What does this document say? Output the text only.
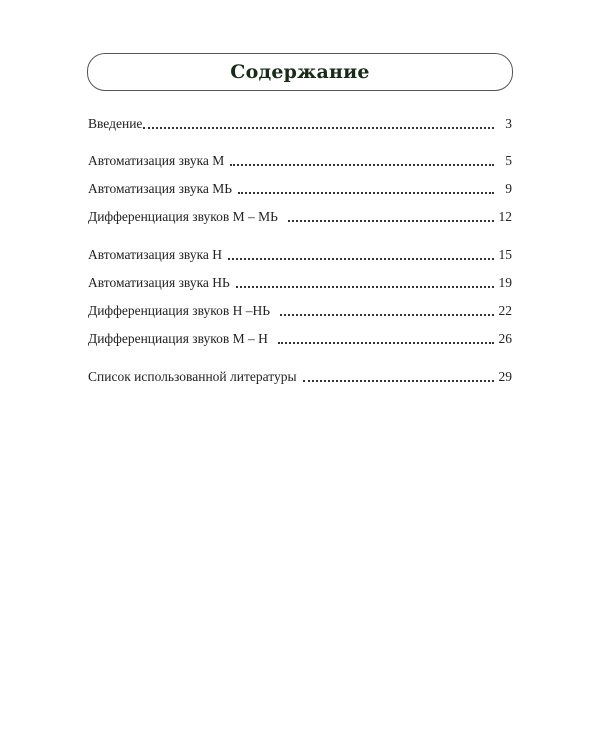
Содержание
Введение	3
Автоматизация звука М	5
Автоматизация звука МЬ	9
Дифференциация звуков М – МЬ	12
Автоматизация звука Н	15
Автоматизация звука НЬ	19
Дифференциация звуков Н –НЬ	22
Дифференциация звуков М – Н	26
Список использованной литературы	29
